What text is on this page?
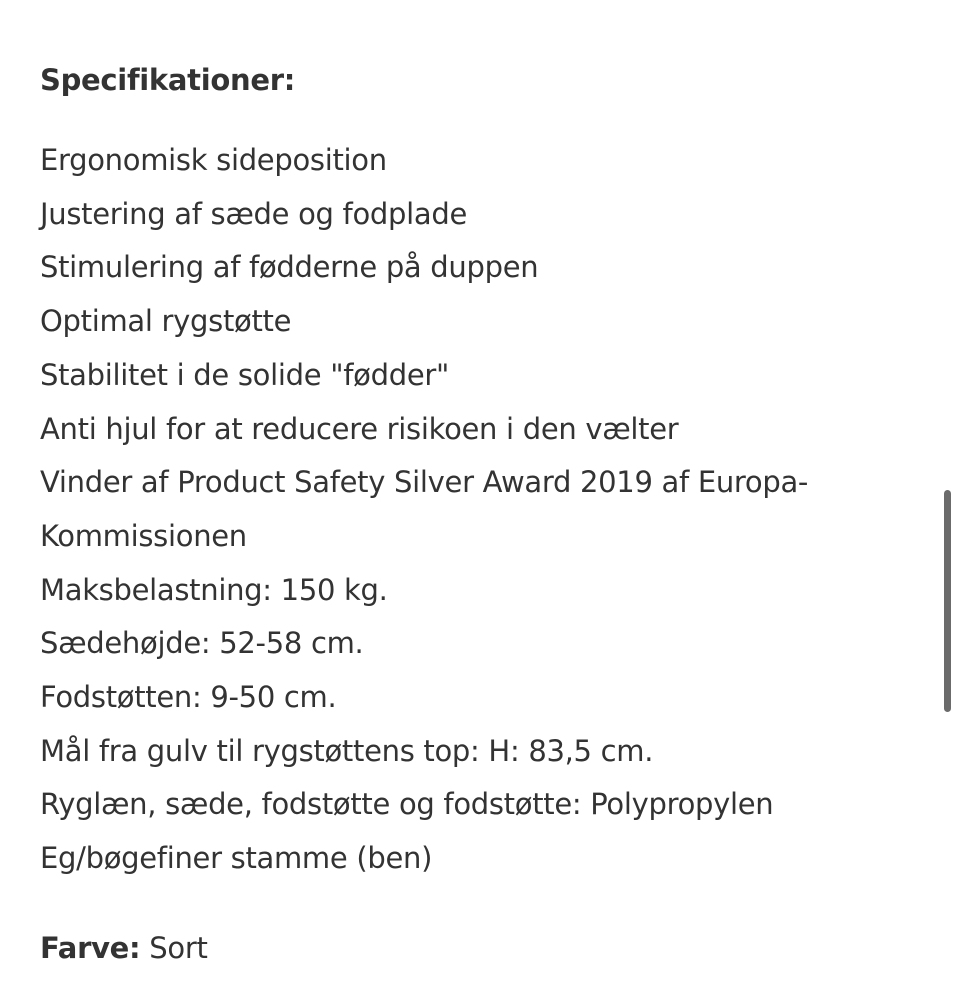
Specifikationer:
Ergonomisk sideposition
Justering af sæde og fodplade
Stimulering af fødderne på duppen
Optimal rygstøtte
Stabilitet i de solide "fødder"
Anti hjul for at reducere risikoen i den vælter
Vinder af Product Safety Silver Award 2019 af Europa-
Kommissionen
Maksbelastning: 150 kg.
Sædehøjde: 52-58 cm.
Fodstøtten: 9-50 cm.
Mål fra gulv til rygstøttens top: H: 83,5 cm.
Ryglæn, sæde, fodstøtte og fodstøtte: Polypropylen
Eg/bøgefiner stamme (ben)
Farve: Sort
